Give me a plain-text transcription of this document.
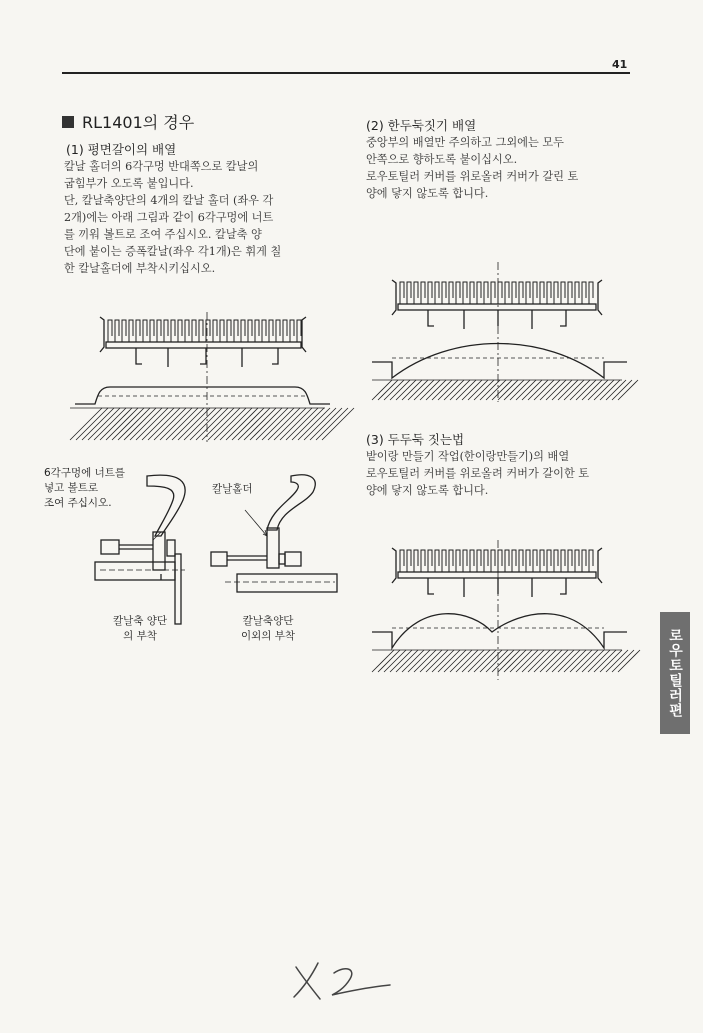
41
RL1401의 경우
(1) 평면갈이의 배열
칼날 홀더의 6각구멍 반대쪽으로 칼날의
굽힘부가 오도록 붙입니다.
단, 칼날축양단의 4개의 칼날 홀더 (좌우 각
2개)에는 아래 그림과 같이 6각구멍에 너트
를 끼워 볼트로 조여 주십시오. 칼날축 양
단에 붙이는 증폭칼날(좌우 각1개)은 휘게 칠
한 칼날홀더에 부착시키십시오.
6각구멍에 너트를
넣고 볼트로
조여 주십시오.
칼날홀더
칼날축 양단
의 부착
칼날축양단
이외의 부착
(2) 한두둑짓기 배열
중앙부의 배열만 주의하고 그외에는 모두
안쪽으로 향하도록 붙이십시오.
로우토틸러 커버를 위로올려 커버가 갈린 토
양에 닿지 않도록 합니다.
(3) 두두둑 짓는법
밭이랑 만들기 작업(한이랑만들기)의 배열
로우토틸러 커버를 위로올려 커버가 갈이한 토
양에 닿지 않도록 합니다.
로우토틸러편
